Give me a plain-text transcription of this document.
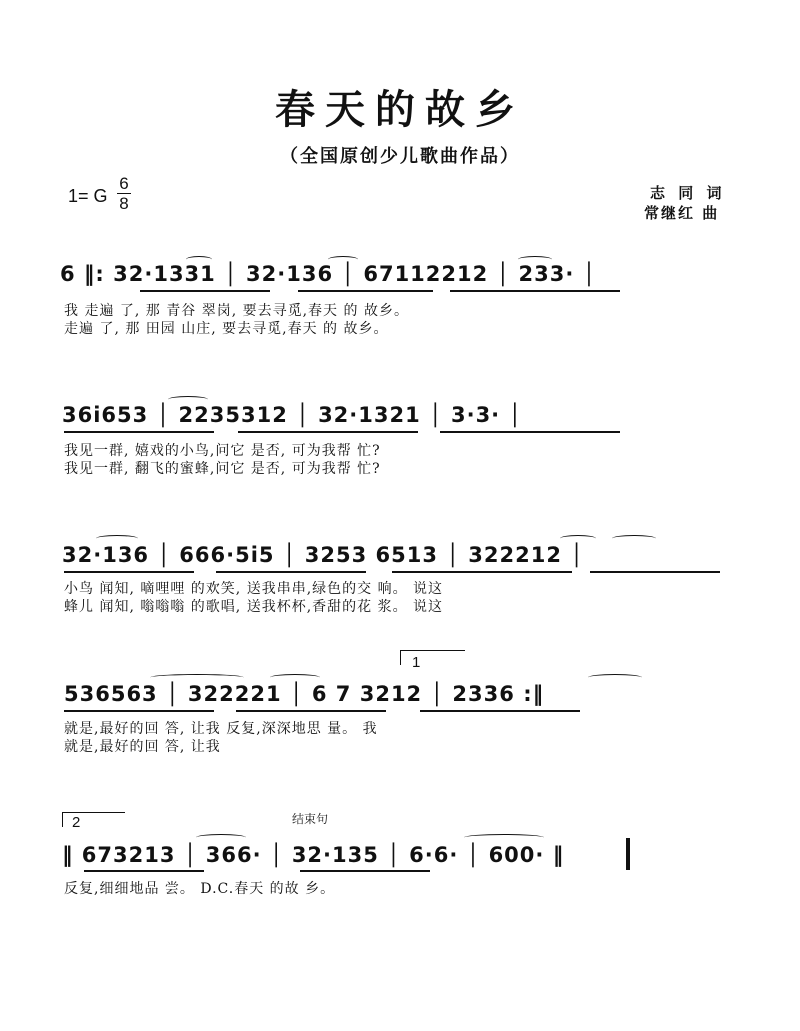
春天的故乡
（全国原创少儿歌曲作品）
1= G
6
8
志 同 词
常继红 曲
6 ‖: 32·1331 │ 32·136 │ 67112212 │ 233· │
我 走遍 了, 那 青谷 翠岗, 要去寻觅,春天 的 故乡。
走遍 了, 那 田园 山庄, 要去寻觅,春天 的 故乡。
36i653 │ 2235312 │ 32·1321 │ 3·3· │
我见一群, 嬉戏的小鸟,问它 是否, 可为我帮 忙?
我见一群, 翻飞的蜜蜂,问它 是否, 可为我帮 忙?
32·136 │ 666·5i5 │ 3253 6513 │ 322212 │
小鸟 闻知, 嘀哩哩 的欢笑, 送我串串,绿色的交 响。 说这
蜂儿 闻知, 嗡嗡嗡 的歌唱, 送我杯杯,香甜的花 浆。 说这
1
536563 │ 322221 │ 6 7 3212 │ 2336 :‖
就是,最好的回 答, 让我 反复,深深地思 量。 我
就是,最好的回 答, 让我
2	结束句
‖ 673213 │ 366· │ 32·135 │ 6·6· │ 600· ‖
反复,细细地品 尝。 D.C.春天 的故 乡。
